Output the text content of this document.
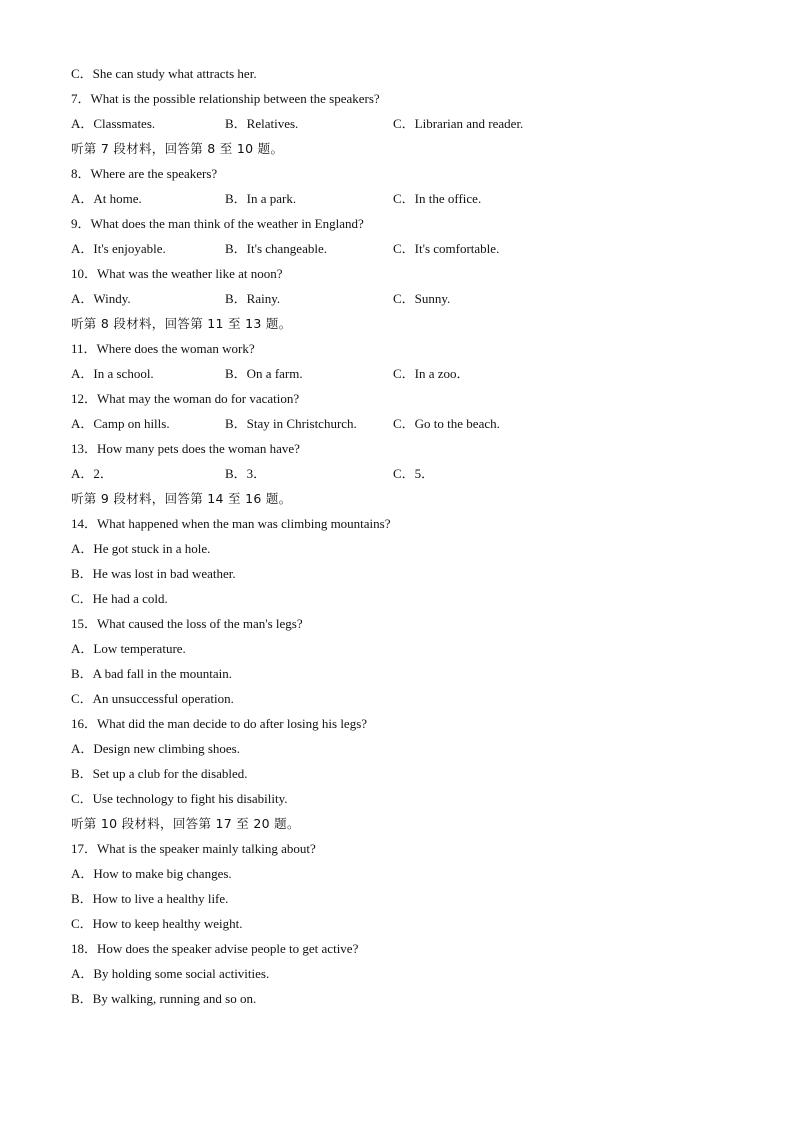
C．She can study what attracts her.
7．What is the possible relationship between the speakers?
A．Classmates.	B．Relatives.	C．Librarian and reader.
听第 7 段材料，回答第 8 至 10 题。
8．Where are the speakers?
A．At home.	B．In a park.	C．In the office.
9．What does the man think of the weather in England?
A．It's enjoyable.	B．It's changeable.	C．It's comfortable.
10．What was the weather like at noon?
A．Windy.	B．Rainy.	C．Sunny.
听第 8 段材料，回答第 11 至 13 题。
11．Where does the woman work?
A．In a school.	B．On a farm.	C．In a zoo．
12．What may the woman do for vacation?
A．Camp on hills.	B．Stay in Christchurch.	C．Go to the beach.
13．How many pets does the woman have?
A．2．	B．3．	C．5．
听第 9 段材料，回答第 14 至 16 题。
14．What happened when the man was climbing mountains?
A．He got stuck in a hole.
B．He was lost in bad weather.
C．He had a cold.
15．What caused the loss of the man's legs?
A．Low temperature.
B．A bad fall in the mountain.
C．An unsuccessful operation.
16．What did the man decide to do after losing his legs?
A．Design new climbing shoes.
B．Set up a club for the disabled.
C．Use technology to fight his disability.
听第 10 段材料，回答第 17 至 20 题。
17．What is the speaker mainly talking about?
A．How to make big changes.
B．How to live a healthy life.
C．How to keep healthy weight.
18．How does the speaker advise people to get active?
A．By holding some social activities.
B．By walking, running and so on.
